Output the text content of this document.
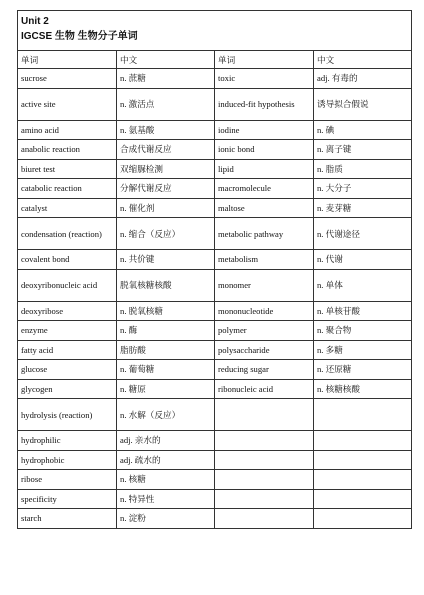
Unit 2
IGCSE 生物 生物分子单词			

单词	中文	单词	中文
sucrose	n. 蔗糖	toxic	adj. 有毒的
active site	n. 激活点	induced-fit hypothesis	诱导拟合假说
amino acid	n. 氨基酸	iodine	n. 碘
anabolic reaction	合成代谢反应	ionic bond	n. 离子键
biuret test	双缩脲检测	lipid	n. 脂质
catabolic reaction	分解代谢反应	macromolecule	n. 大分子
catalyst	n. 催化剂	maltose	n. 麦芽糖
condensation (reaction)	n. 缩合（反应）	metabolic pathway	n. 代谢途径
covalent bond	n. 共价键	metabolism	n. 代谢
deoxyribonucleic acid	脱氧核糖核酸	monomer	n. 单体
deoxyribose	n. 脱氧核糖	mononucleotide	n. 单核苷酸
enzyme	n. 酶	polymer	n. 聚合物
fatty acid	脂肪酸	polysaccharide	n. 多糖
glucose	n. 葡萄糖	reducing sugar	n. 还原糖
glycogen	n. 糖原	ribonucleic acid	n. 核糖核酸
hydrolysis (reaction)	n. 水解（反应）		
hydrophilic	adj. 亲水的		
hydrophobic	adj. 疏水的		
ribose	n. 核糖		
specificity	n. 特异性		
starch	n. 淀粉		
